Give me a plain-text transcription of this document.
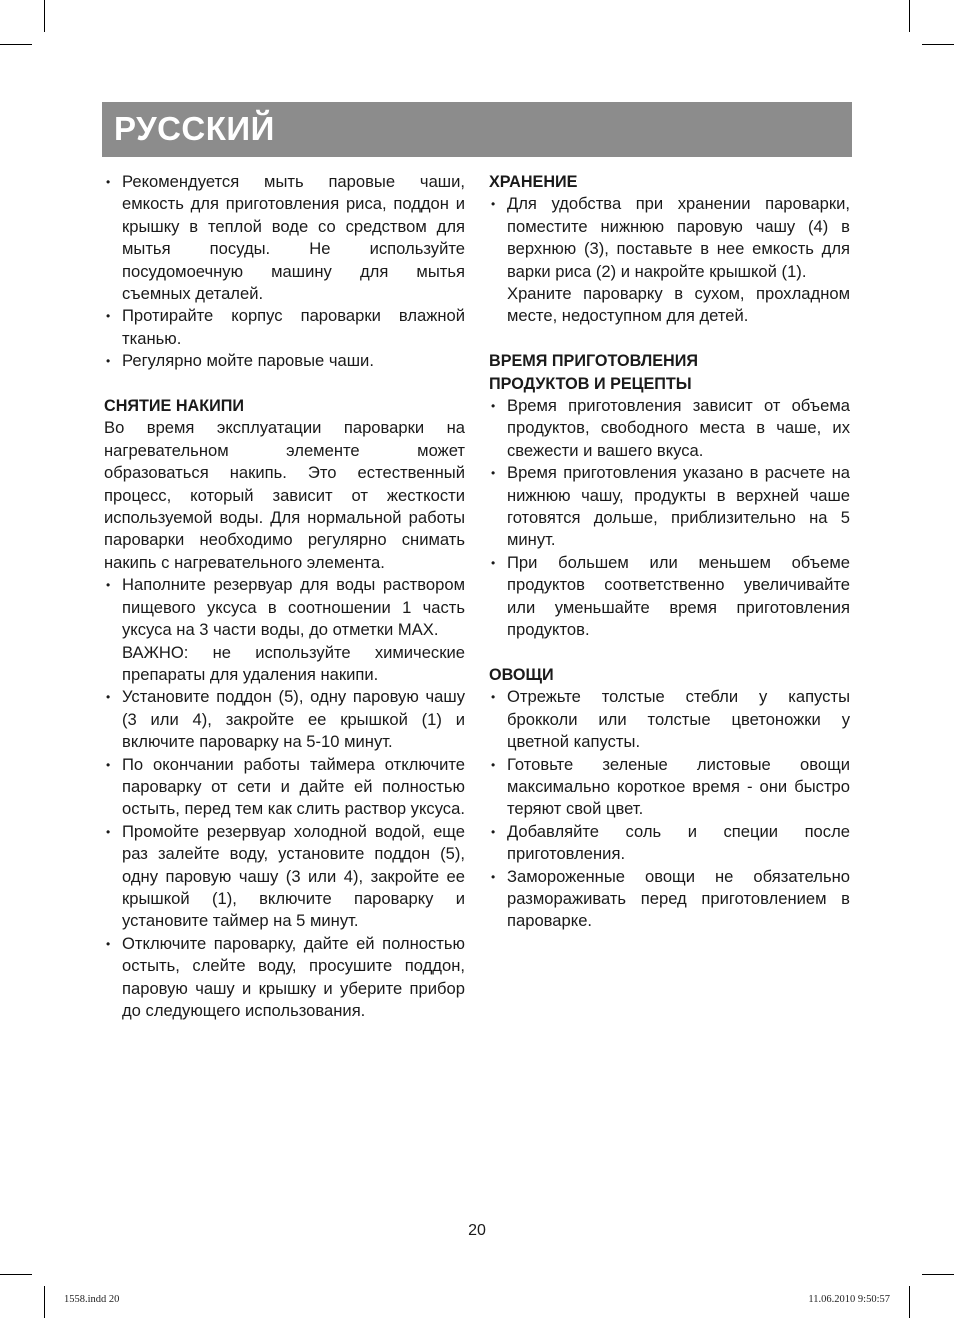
РУССКИЙ
• Рекомендуется мыть паровые чаши, емкость для приготовления риса, поддон и крышку в теплой воде со средством для мытья посуды. Не используйте посудомоечную машину для мытья съемных деталей.
• Протирайте корпус пароварки влажной тканью.
• Регулярно мойте паровые чаши.
СНЯТИЕ НАКИПИ
Во время эксплуатации пароварки на нагревательном элементе может образоваться накипь. Это естественный процесс, который зависит от жесткости используемой воды. Для нормальной работы пароварки необходимо регулярно снимать накипь с нагревательного элемента.
• Наполните резервуар для воды раствором пищевого уксуса в соотношении 1 часть уксуса на 3 части воды, до отметки MAX.
ВАЖНО: не используйте химические препараты для удаления накипи.
• Установите поддон (5), одну паровую чашу (3 или 4), закройте ее крышкой (1) и включите пароварку на 5-10 минут.
• По окончании работы таймера отключите пароварку от сети и дайте ей полностью остыть, перед тем как слить раствор уксуса.
• Промойте резервуар холодной водой, еще раз залейте воду, установите поддон (5), одну паровую чашу (3 или 4), закройте ее крышкой (1), включите пароварку и установите таймер на 5 минут.
• Отключите пароварку, дайте ей полностью остыть, слейте воду, просушите поддон, паровую чашу и крышку и уберите прибор до следующего использования.
ХРАНЕНИЕ
• Для удобства при хранении пароварки, поместите нижнюю паровую чашу (4) в верхнюю (3), поставьте в нее емкость для варки риса (2) и накройте крышкой (1).
Храните пароварку в сухом, прохладном месте, недоступном для детей.
ВРЕМЯ ПРИГОТОВЛЕНИЯ
ПРОДУКТОВ И РЕЦЕПТЫ
• Время приготовления зависит от объема продуктов, свободного места в чаше, их свежести и вашего вкуса.
• Время приготовления указано в расчете на нижнюю чашу, продукты в верхней чаше готовятся дольше, приблизительно на 5 минут.
• При большем или меньшем объеме продуктов соответственно увеличивайте или уменьшайте время приготовления продуктов.
ОВОЩИ
• Отрежьте толстые стебли у капусты брокколи или толстые цветоножки у цветной капусты.
• Готовьте зеленые листовые овощи максимально короткое время - они быстро теряют свой цвет.
• Добавляйте соль и специи после приготовления.
• Замороженные овощи не обязательно размораживать перед приготовлением в пароварке.
20
1558.indd 20	11.06.2010 9:50:57
